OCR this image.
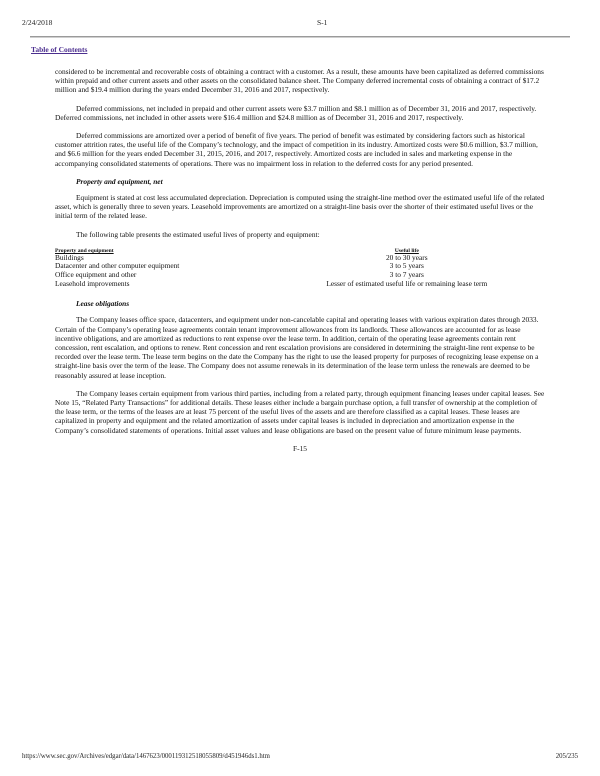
2/24/2018	S-1
Table of Contents

considered to be incremental and recoverable costs of obtaining a contract with a customer. As a result, these amounts have been capitalized as deferred commissions within prepaid and other current assets and other assets on the consolidated balance sheet. The Company deferred incremental costs of obtaining a contract of $17.2 million and $19.4 million during the years ended December 31, 2016 and 2017, respectively.

Deferred commissions, net included in prepaid and other current assets were $3.7 million and $8.1 million as of December 31, 2016 and 2017, respectively. Deferred commissions, net included in other assets were $16.4 million and $24.8 million as of December 31, 2016 and 2017, respectively.

Deferred commissions are amortized over a period of benefit of five years. The period of benefit was estimated by considering factors such as historical customer attrition rates, the useful life of the Company’s technology, and the impact of competition in its industry. Amortized costs were $0.6 million, $3.7 million, and $6.6 million for the years ended December 31, 2015, 2016, and 2017, respectively. Amortized costs are included in sales and marketing expense in the accompanying consolidated statements of operations. There was no impairment loss in relation to the deferred costs for any period presented.

Property and equipment, net

Equipment is stated at cost less accumulated depreciation. Depreciation is computed using the straight-line method over the estimated useful life of the related asset, which is generally three to seven years. Leasehold improvements are amortized on a straight-line basis over the shorter of their estimated useful lives or the initial term of the related lease.

The following table presents the estimated useful lives of property and equipment:

Property and equipment	Useful life
Buildings	20 to 30 years
Datacenter and other computer equipment	3 to 5 years
Office equipment and other	3 to 7 years
Leasehold improvements	Lesser of estimated useful life or remaining lease term
Lease obligations

The Company leases office space, datacenters, and equipment under non-cancelable capital and operating leases with various expiration dates through 2033. Certain of the Company’s operating lease agreements contain tenant improvement allowances from its landlords. These allowances are accounted for as lease incentive obligations, and are amortized as reductions to rent expense over the lease term. In addition, certain of the operating lease agreements contain rent concession, rent escalation, and options to renew. Rent concession and rent escalation provisions are considered in determining the straight-line rent expense to be recorded over the lease term. The lease term begins on the date the Company has the right to use the leased property for purposes of recognizing lease expense on a straight-line basis over the term of the lease. The Company does not assume renewals in its determination of the lease term unless the renewals are deemed to be reasonably assured at lease inception.

The Company leases certain equipment from various third parties, including from a related party, through equipment financing leases under capital leases. See Note 15, “Related Party Transactions” for additional details. These leases either include a bargain purchase option, a full transfer of ownership at the completion of the lease term, or the terms of the leases are at least 75 percent of the useful lives of the assets and are therefore classified as a capital leases. These leases are capitalized in property and equipment and the related amortization of assets under capital leases is included in depreciation and amortization expense in the Company’s consolidated statements of operations. Initial asset values and lease obligations are based on the present value of future minimum lease payments.

F-15
https://www.sec.gov/Archives/edgar/data/1467623/000119312518055809/d451946ds1.htm	205/235
